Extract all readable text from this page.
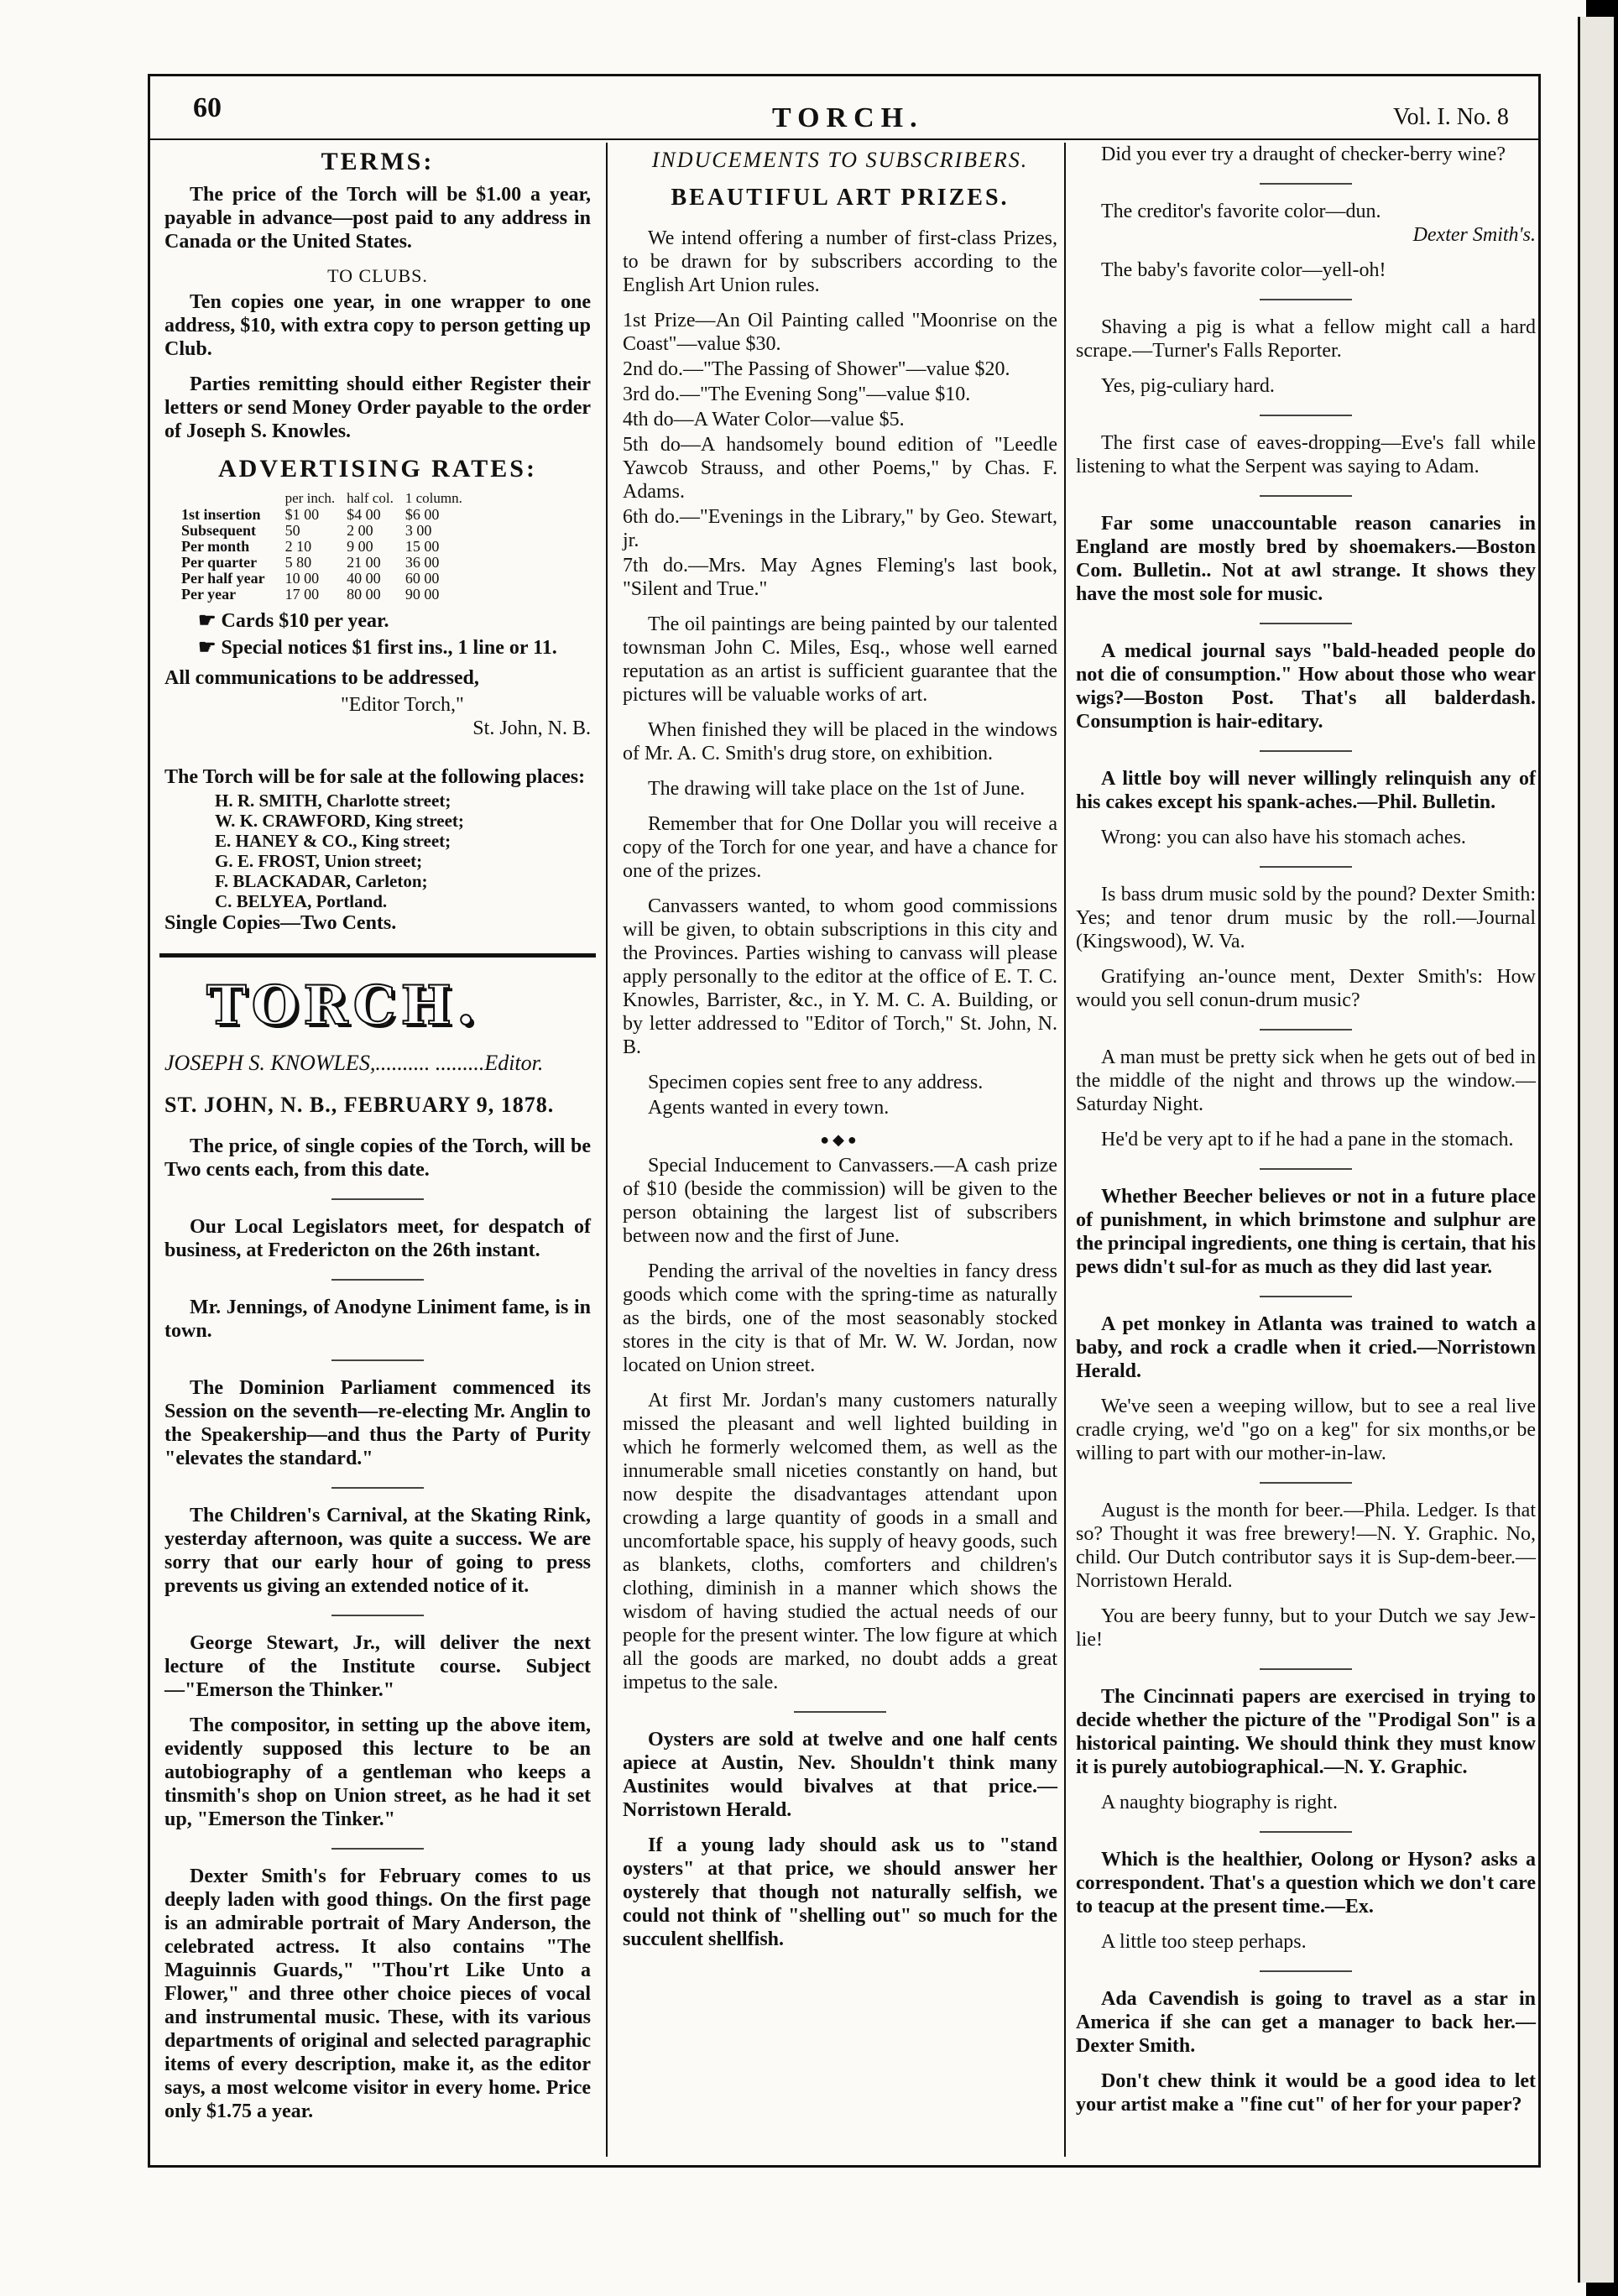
60	TORCH.	Vol. I. No. 8
TERMS:

The price of the Torch will be $1.00 a year, payable in advance—post paid to any address in Canada or the United States.

TO CLUBS.

Ten copies one year, in one wrapper to one address, $10, with extra copy to person getting up Club.

Parties remitting should either Register their letters or send Money Order payable to the order of Joseph S. Knowles.

ADVERTISING RATES:
	per inch.	half col.	1 column.
1st insertion	$1 00	$4 00	$6 00
Subsequent	50	2 00	3 00
Per month	2 10	9 00	15 00
Per quarter	5 80	21 00	36 00
Per half year	10 00	40 00	60 00
Per year	17 00	80 00	90 00

☛ Cards $10 per year.

☛ Special notices $1 first ins., 1 line or 11.

All communications to be addressed,

"Editor Torch,"

St. John, N. B.

The Torch will be for sale at the following places:

H. R. SMITH, Charlotte street;
W. K. CRAWFORD, King street;
E. HANEY & CO., King street;
G. E. FROST, Union street;
F. BLACKADAR, Carleton;
C. BELYEA, Portland.

Single Copies—Two Cents.

TORCH.
JOSEPH S. KNOWLES,.......... .........Editor.
ST. JOHN, N. B., FEBRUARY 9, 1878.

The price, of single copies of the Torch, will be Two cents each, from this date.

Our Local Legislators meet, for despatch of business, at Fredericton on the 26th instant.

Mr. Jennings, of Anodyne Liniment fame, is in town.

The Dominion Parliament commenced its Session on the seventh—re-electing Mr. Anglin to the Speakership—and thus the Party of Purity "elevates the standard."

The Children's Carnival, at the Skating Rink, yesterday afternoon, was quite a success. We are sorry that our early hour of going to press prevents us giving an extended notice of it.

George Stewart, Jr., will deliver the next lecture of the Institute course. Subject—"Emerson the Thinker."

The compositor, in setting up the above item, evidently supposed this lecture to be an autobiography of a gentleman who keeps a tinsmith's shop on Union street, as he had it set up, "Emerson the Tinker."

Dexter Smith's for February comes to us deeply laden with good things. On the first page is an admirable portrait of Mary Anderson, the celebrated actress. It also contains "The Maguinnis Guards," "Thou'rt Like Unto a Flower," and three other choice pieces of vocal and instrumental music. These, with its various departments of original and selected paragraphic items of every description, make it, as the editor says, a most welcome visitor in every home. Price only $1.75 a year.

INDUCEMENTS TO SUBSCRIBERS.
BEAUTIFUL ART PRIZES.

We intend offering a number of first-class Prizes, to be drawn for by subscribers according to the English Art Union rules.

1st Prize—An Oil Painting called "Moonrise on the Coast"—value $30.

2nd do.—"The Passing of Shower"—value $20.

3rd do.—"The Evening Song"—value $10.

4th do—A Water Color—value $5.

5th do—A handsomely bound edition of "Leedle Yawcob Strauss, and other Poems," by Chas. F. Adams.

6th do.—"Evenings in the Library," by Geo. Stewart, jr.

7th do.—Mrs. May Agnes Fleming's last book, "Silent and True."

The oil paintings are being painted by our talented townsman John C. Miles, Esq., whose well earned reputation as an artist is sufficient guarantee that the pictures will be valuable works of art.

When finished they will be placed in the windows of Mr. A. C. Smith's drug store, on exhibition.

The drawing will take place on the 1st of June.

Remember that for One Dollar you will receive a copy of the Torch for one year, and have a chance for one of the prizes.

Canvassers wanted, to whom good commissions will be given, to obtain subscriptions in this city and the Provinces. Parties wishing to canvass will please apply personally to the editor at the office of E. T. C. Knowles, Barrister, &c., in Y. M. C. A. Building, or by letter addressed to "Editor of Torch," St. John, N. B.

Specimen copies sent free to any address.

Agents wanted in every town.

●◆●

Special Inducement to Canvassers.—A cash prize of $10 (beside the commission) will be given to the person obtaining the largest list of subscribers between now and the first of June.

Pending the arrival of the novelties in fancy dress goods which come with the spring-time as naturally as the birds, one of the most seasonably stocked stores in the city is that of Mr. W. W. Jordan, now located on Union street.

At first Mr. Jordan's many customers naturally missed the pleasant and well lighted building in which he formerly welcomed them, as well as the innumerable small niceties constantly on hand, but now despite the disadvantages attendant upon crowding a large quantity of goods in a small and uncomfortable space, his supply of heavy goods, such as blankets, cloths, comforters and children's clothing, diminish in a manner which shows the wisdom of having studied the actual needs of our people for the present winter. The low figure at which all the goods are marked, no doubt adds a great impetus to the sale.

Oysters are sold at twelve and one half cents apiece at Austin, Nev. Shouldn't think many Austinites would bivalves at that price.—Norristown Herald.

If a young lady should ask us to "stand oysters" at that price, we should answer her oysterely that though not naturally selfish, we could not think of "shelling out" so much for the succulent shellfish.

Did you ever try a draught of checker-berry wine?

The creditor's favorite color—dun.

Dexter Smith's.

The baby's favorite color—yell-oh!

Shaving a pig is what a fellow might call a hard scrape.—Turner's Falls Reporter.

Yes, pig-culiary hard.

The first case of eaves-dropping—Eve's fall while listening to what the Serpent was saying to Adam.

Far some unaccountable reason canaries in England are mostly bred by shoemakers.—Boston Com. Bulletin.. Not at awl strange. It shows they have the most sole for music.

A medical journal says "bald-headed people do not die of consumption." How about those who wear wigs?—Boston Post. That's all balderdash. Consumption is hair-editary.

A little boy will never willingly relinquish any of his cakes except his spank-aches.—Phil. Bulletin.

Wrong: you can also have his stomach aches.

Is bass drum music sold by the pound? Dexter Smith: Yes; and tenor drum music by the roll.—Journal (Kingswood), W. Va.

Gratifying an-'ounce ment, Dexter Smith's: How would you sell conun-drum music?

A man must be pretty sick when he gets out of bed in the middle of the night and throws up the window.—Saturday Night.

He'd be very apt to if he had a pane in the stomach.

Whether Beecher believes or not in a future place of punishment, in which brimstone and sulphur are the principal ingredients, one thing is certain, that his pews didn't sul-for as much as they did last year.

A pet monkey in Atlanta was trained to watch a baby, and rock a cradle when it cried.—Norristown Herald.

We've seen a weeping willow, but to see a real live cradle crying, we'd "go on a keg" for six months,or be willing to part with our mother-in-law.

August is the month for beer.—Phila. Ledger. Is that so? Thought it was free brewery!—N. Y. Graphic. No, child. Our Dutch contributor says it is Sup-dem-beer.—Norristown Herald.

You are beery funny, but to your Dutch we say Jew-lie!

The Cincinnati papers are exercised in trying to decide whether the picture of the "Prodigal Son" is a historical painting. We should think they must know it is purely autobiographical.—N. Y. Graphic.

A naughty biography is right.

Which is the healthier, Oolong or Hyson? asks a correspondent. That's a question which we don't care to teacup at the present time.—Ex.

A little too steep perhaps.

Ada Cavendish is going to travel as a star in America if she can get a manager to back her.—Dexter Smith.

Don't chew think it would be a good idea to let your artist make a "fine cut" of her for your paper?
